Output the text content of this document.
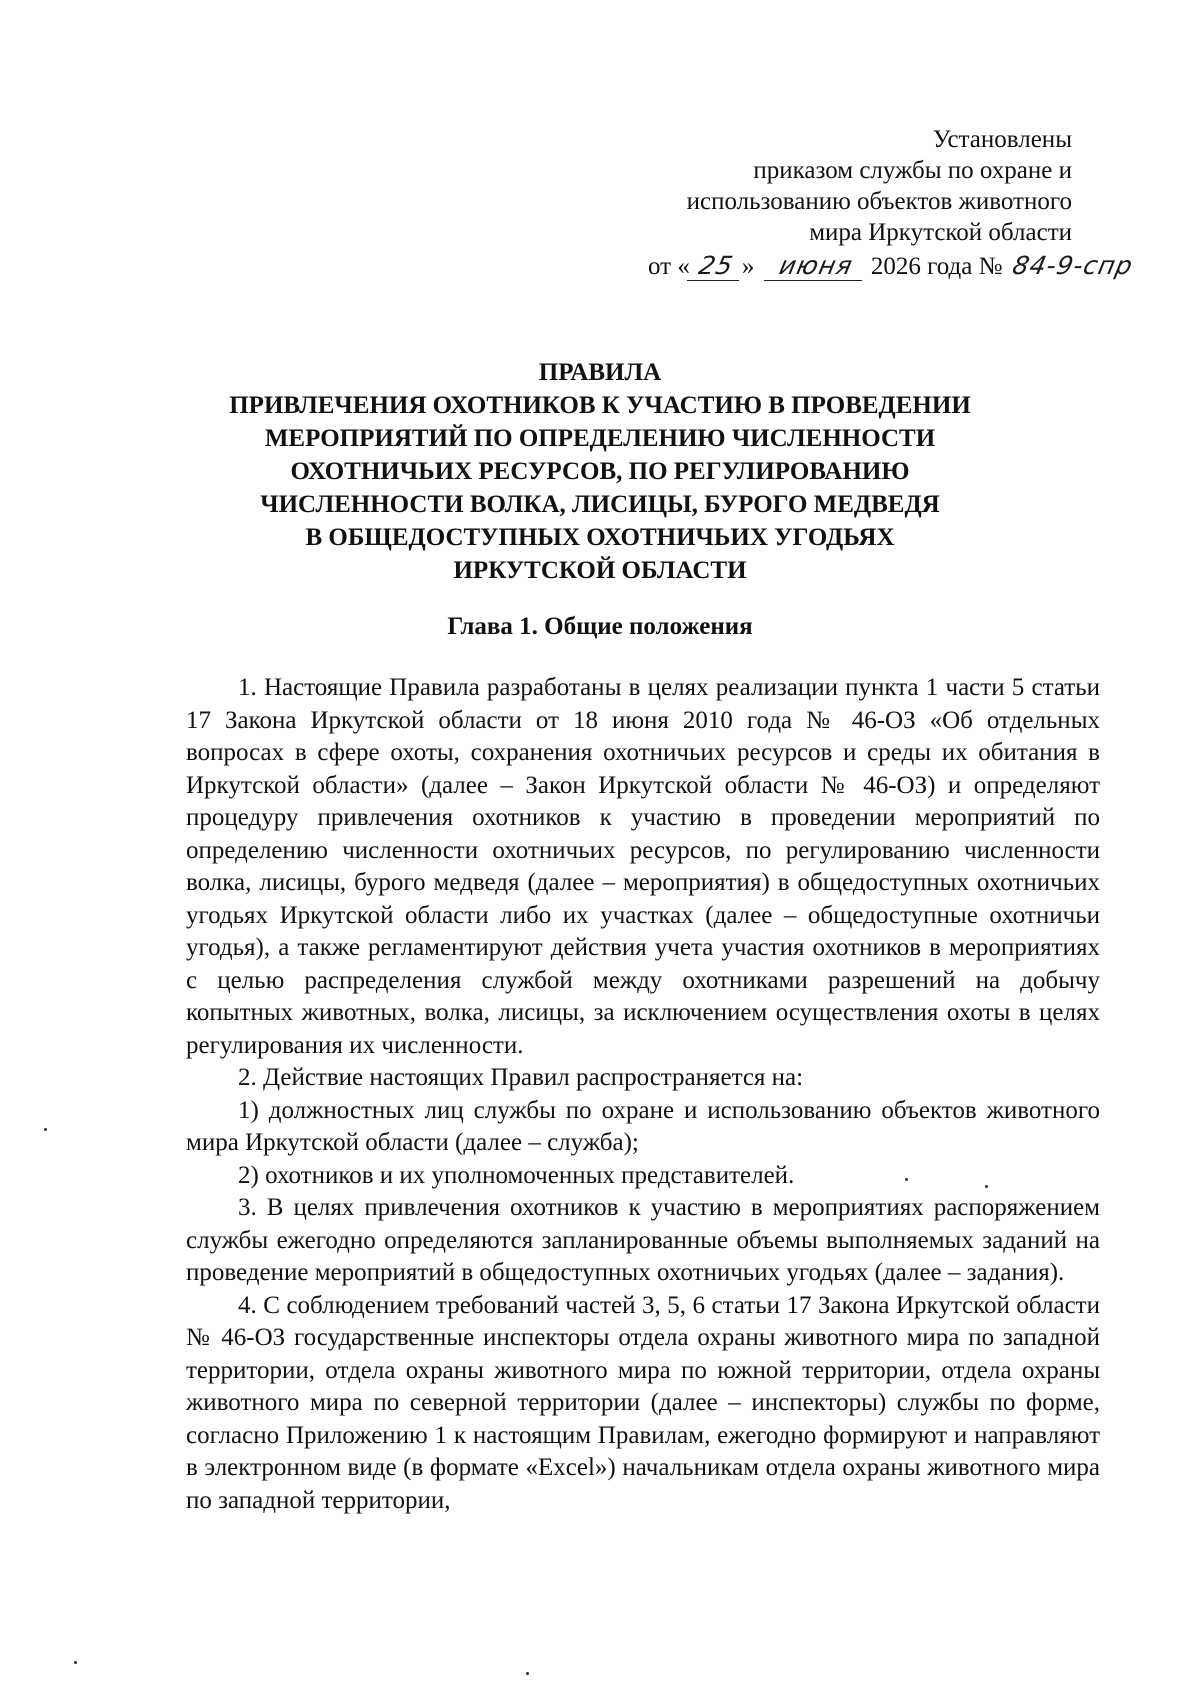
Установлены
приказом службы по охране и
использованию объектов животного
мира Иркутской области
от « 25 » июня 2026 года № 84-9-спр
ПРАВИЛА
ПРИВЛЕЧЕНИЯ ОХОТНИКОВ К УЧАСТИЮ В ПРОВЕДЕНИИ
МЕРОПРИЯТИЙ ПО ОПРЕДЕЛЕНИЮ ЧИСЛЕННОСТИ
ОХОТНИЧЬИХ РЕСУРСОВ, ПО РЕГУЛИРОВАНИЮ
ЧИСЛЕННОСТИ ВОЛКА, ЛИСИЦЫ, БУРОГО МЕДВЕДЯ
В ОБЩЕДОСТУПНЫХ ОХОТНИЧЬИХ УГОДЬЯХ
ИРКУТСКОЙ ОБЛАСТИ
Глава 1. Общие положения

1. Настоящие Правила разработаны в целях реализации пункта 1 части 5 статьи 17 Закона Иркутской области от 18 июня 2010 года № 46-ОЗ «Об отдельных вопросах в сфере охоты, сохранения охотничьих ресурсов и среды их обитания в Иркутской области» (далее – Закон Иркутской области № 46-ОЗ) и определяют процедуру привлечения охотников к участию в проведении мероприятий по определению численности охотничьих ресурсов, по регулированию численности волка, лисицы, бурого медведя (далее – мероприятия) в общедоступных охотничьих угодьях Иркутской области либо их участках (далее – общедоступные охотничьи угодья), а также регламентируют действия учета участия охотников в мероприятиях с целью распределения службой между охотниками разрешений на добычу копытных животных, волка, лисицы, за исключением осуществления охоты в целях регулирования их численности.

2. Действие настоящих Правил распространяется на:

1) должностных лиц службы по охране и использованию объектов животного мира Иркутской области (далее – служба);

2) охотников и их уполномоченных представителей.

3. В целях привлечения охотников к участию в мероприятиях распоряжением службы ежегодно определяются запланированные объемы выполняемых заданий на проведение мероприятий в общедоступных охотничьих угодьях (далее – задания).

4. С соблюдением требований частей 3, 5, 6 статьи 17 Закона Иркутской области № 46-ОЗ государственные инспекторы отдела охраны животного мира по западной территории, отдела охраны животного мира по южной территории, отдела охраны животного мира по северной территории (далее – инспекторы) службы по форме, согласно Приложению 1 к настоящим Правилам, ежегодно формируют и направляют в электронном виде (в формате «Excel») начальникам отдела охраны животного мира по западной территории,
